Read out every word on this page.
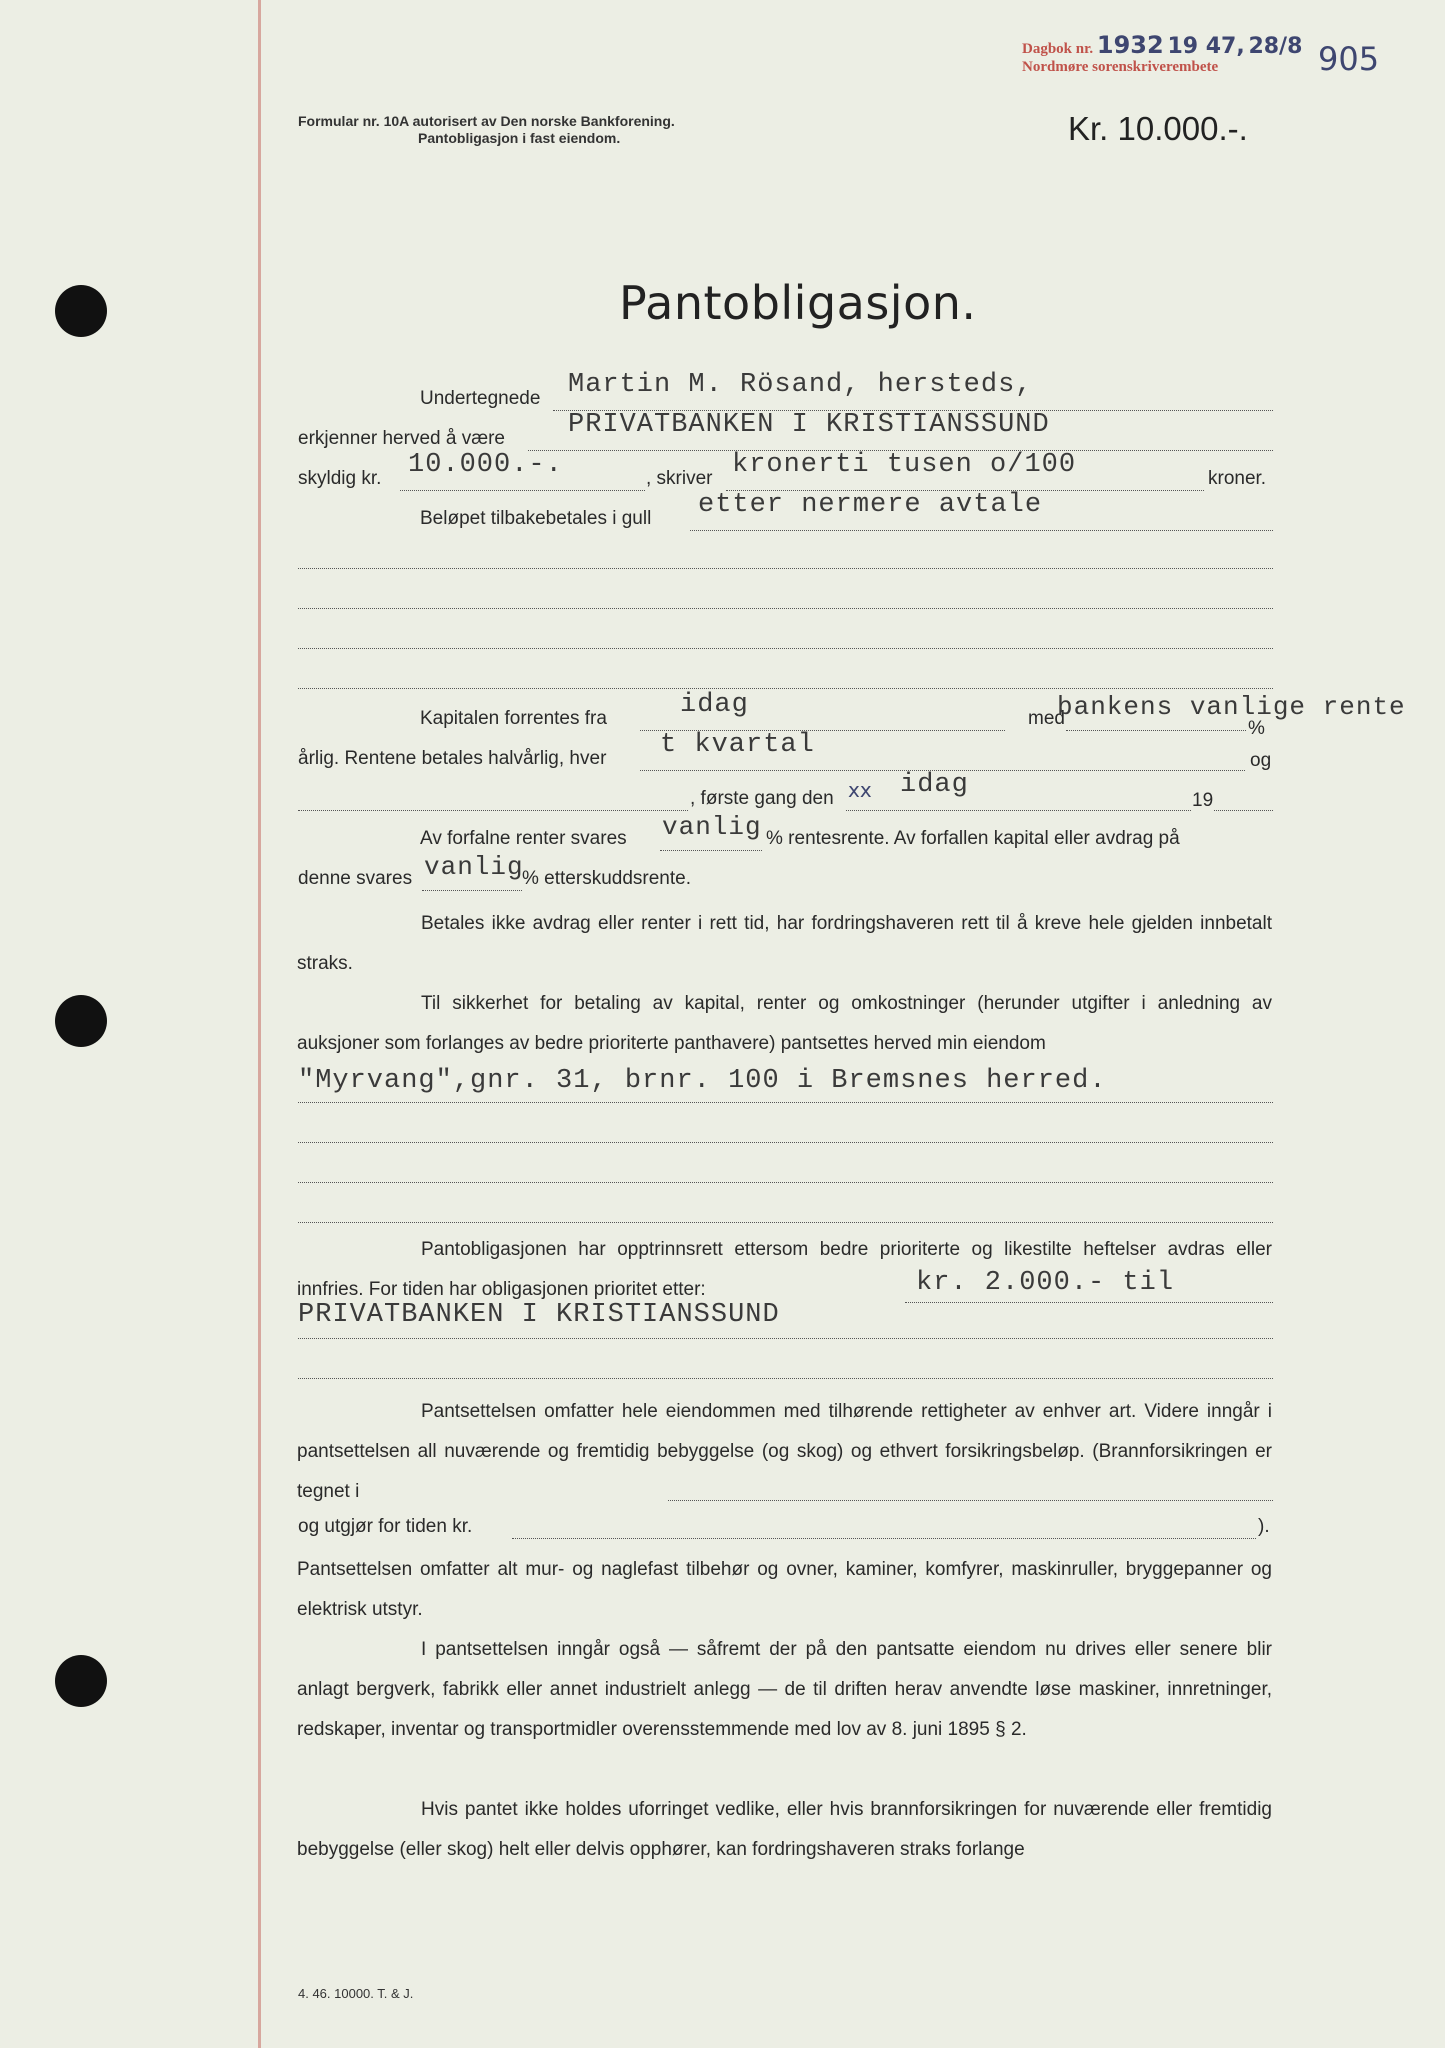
Formular nr. 10A autorisert av Den norske Bankforening.
Pantobligasjon i fast eiendom.
Dagbok nr. 1932 19 47, 28/8
Nordmøre sorenskriverembete	905
Kr. 10.000.-.
Pantobligasjon.
Undertegnede Martin M. Rösand, hersteds,
erkjenner herved å være PRIVATBANKEN I KRISTIANSSUND
skyldig kr. 10.000.-.	, skriver kronerti tusen o/100	kroner.
Beløpet tilbakebetales i gull etter nermere avtale
Kapitalen forrentes fra	idag	med
bankens vanlige rente
%
årlig. Rentene betales halvårlig, hver t kvartal
og
, første gang den xx idag
19
Av forfalne renter svares vanlig % rentesrente. Av forfallen kapital eller avdrag på
denne svares vanlig
% etterskuddsrente.
Betales ikke avdrag eller renter i rett tid, har fordringshaveren rett til å kreve hele gjelden innbetalt straks.
Til sikkerhet for betaling av kapital, renter og omkostninger (herunder utgifter i anledning av auksjoner som forlanges av bedre prioriterte panthavere) pantsettes herved min eiendom
"Myrvang",gnr. 31, brnr. 100 i Bremsnes herred.
Pantobligasjonen har opptrinnsrett ettersom bedre prioriterte og likestilte heftelser avdras eller innfries. For tiden har obligasjonen prioritet etter:	kr. 2.000.- til
PRIVATBANKEN I KRISTIANSSUND
Pantsettelsen omfatter hele eiendommen med tilhørende rettigheter av enhver art. Videre inngår i pantsettelsen all nuværende og fremtidig bebyggelse (og skog) og ethvert forsikringsbeløp. (Brannforsikringen er tegnet i
og utgjør for tiden kr.	).
Pantsettelsen omfatter alt mur- og naglefast tilbehør og ovner, kaminer, komfyrer, maskinruller, bryggepanner og elektrisk utstyr.
I pantsettelsen inngår også — såfremt der på den pantsatte eiendom nu drives eller senere blir anlagt bergverk, fabrikk eller annet industrielt anlegg — de til driften herav anvendte løse maskiner, innretninger, redskaper, inventar og transportmidler overensstemmende med lov av 8. juni 1895 § 2.
Hvis pantet ikke holdes uforringet vedlike, eller hvis brannforsikringen for nuværende eller fremtidig bebyggelse (eller skog) helt eller delvis opphører, kan fordringshaveren straks forlange
4. 46. 10000. T. & J.
